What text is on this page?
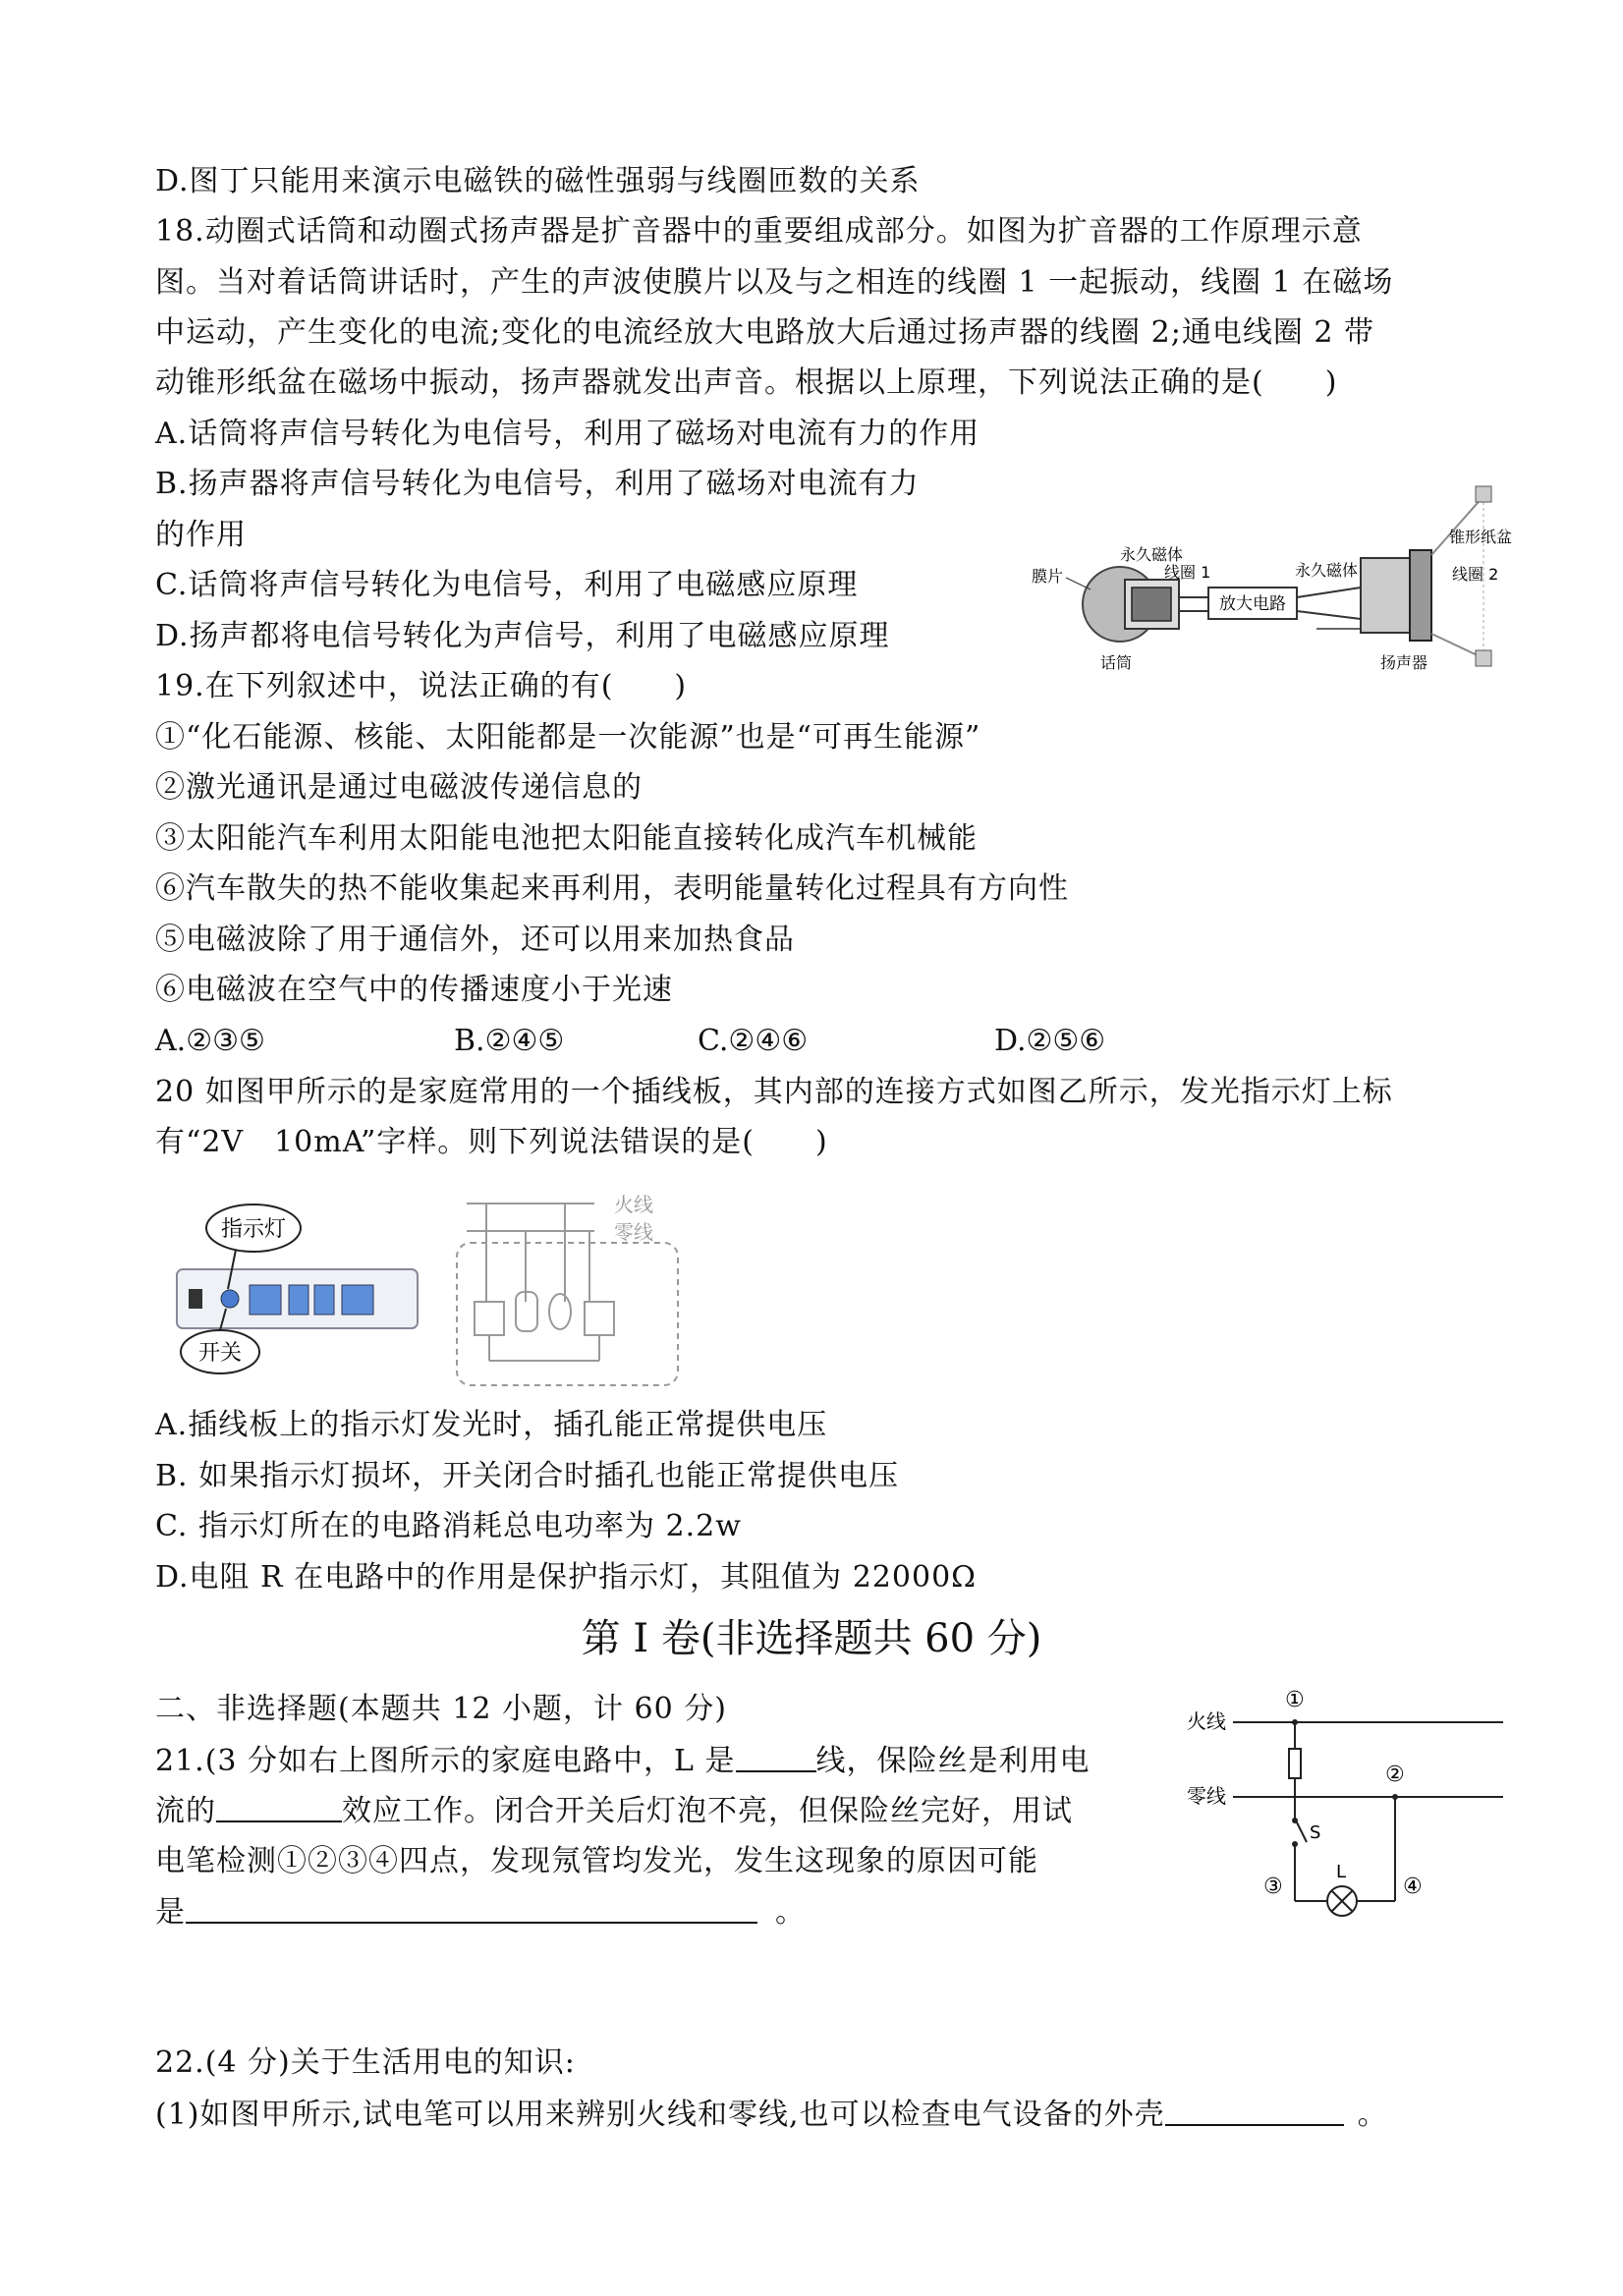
D.图丁只能用来演示电磁铁的磁性强弱与线圈匝数的关系
18.动圈式话筒和动圈式扬声器是扩音器中的重要组成部分。如图为扩音器的工作原理示意
图。当对着话筒讲话时，产生的声波使膜片以及与之相连的线圈 1 一起振动，线圈 1 在磁场
中运动，产生变化的电流;变化的电流经放大电路放大后通过扬声器的线圈 2;通电线圈 2 带
动锥形纸盆在磁场中振动，扬声器就发出声音。根据以上原理，下列说法正确的是(　　)
A.话筒将声信号转化为电信号，利用了磁场对电流有力的作用
B.扬声器将声信号转化为电信号，利用了磁场对电流有力
的作用
C.话筒将声信号转化为电信号，利用了电磁感应原理
D.扬声都将电信号转化为声信号，利用了电磁感应原理
放大电路
膜片
永久磁体
线圈 1
话筒
永久磁体
锥形纸盆
线圈 2
扬声器
19.在下列叙述中，说法正确的有(　　)
①“化石能源、核能、太阳能都是一次能源”也是“可再生能源”
②激光通讯是通过电磁波传递信息的
③太阳能汽车利用太阳能电池把太阳能直接转化成汽车机械能
⑥汽车散失的热不能收集起来再利用，表明能量转化过程具有方向性
⑤电磁波除了用于通信外，还可以用来加热食品
⑥电磁波在空气中的传播速度小于光速
A.②③⑤	B.②④⑤	C.②④⑥	D.②⑤⑥
20 如图甲所示的是家庭常用的一个插线板，其内部的连接方式如图乙所示，发光指示灯上标
有“2V　10mA”字样。则下列说法错误的是(　　)
指示灯
开关
火线
零线
A.插线板上的指示灯发光时，插孔能正常提供电压
B. 如果指示灯损坏，开关闭合时插孔也能正常提供电压
C. 指示灯所在的电路消耗总电功率为 2.2w
D.电阻 R 在电路中的作用是保护指示灯，其阻值为 22000Ω
第 I 卷(非选择题共 60 分)
二、非选择题(本题共 12 小题，计 60 分)
21.(3 分如右上图所示的家庭电路中，L 是	线，保险丝是利用电
流的	效应工作。闭合开关后灯泡不亮，但保险丝完好，用试
电笔检测①②③④四点，发现氖管均发光，发生这现象的原因可能
是	。
火线
零线
①
②
③	④
S
L
22.(4 分)关于生活用电的知识:
(1)如图甲所示,试电笔可以用来辨别火线和零线,也可以检查电气设备的外壳	。
